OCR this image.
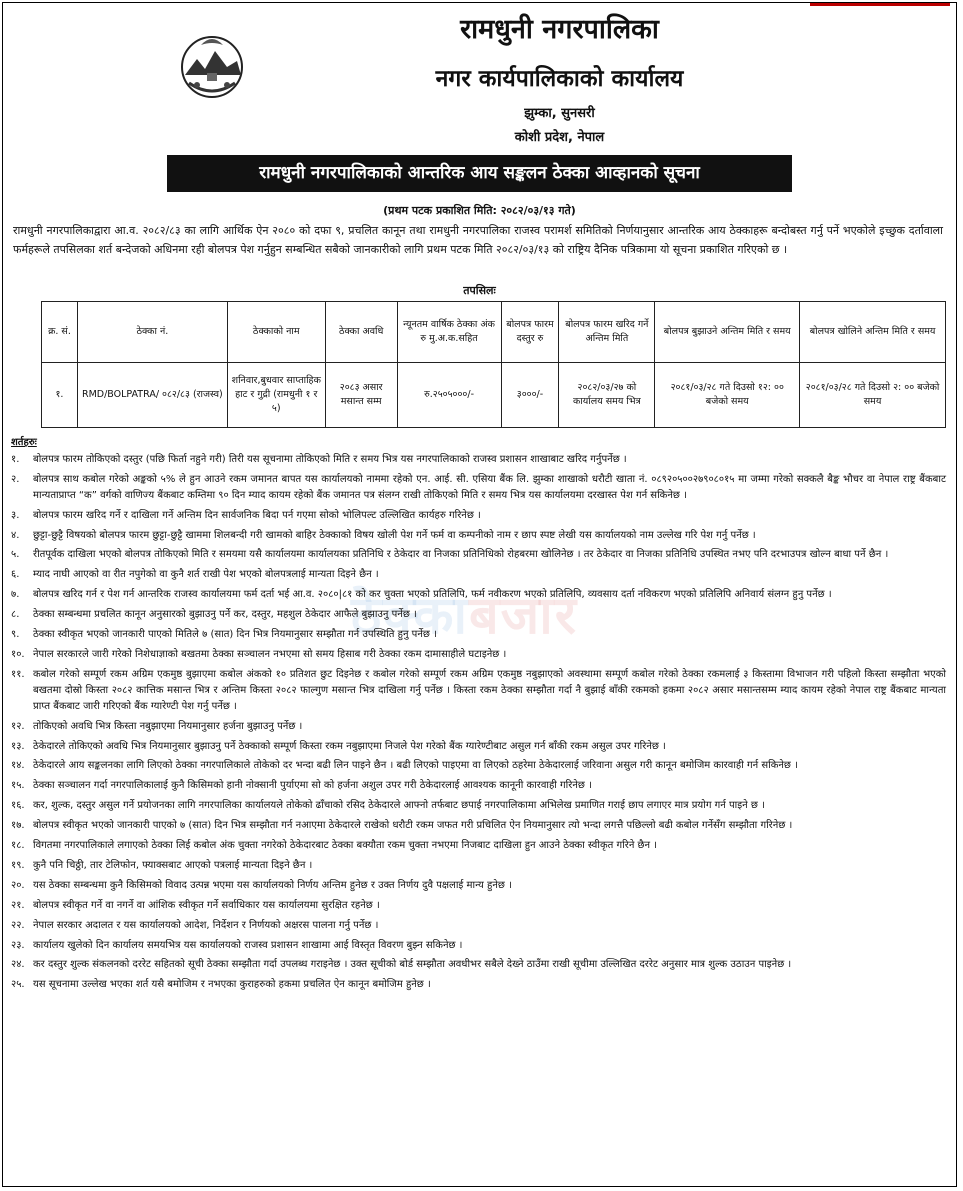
रामधुनी नगरपालिका
नगर कार्यपालिकाको कार्यालय
झुम्का, सुनसरी
कोशी प्रदेश, नेपाल
रामधुनी नगरपालिकाको आन्तरिक आय सङ्कलन ठेक्का आव्हानको सूचना
(प्रथम पटक प्रकाशित मिति: २०८२/०३/१३ गते)
रामधुनी नगरपालिकाद्वारा आ.व. २०८२/८३ का लागि आर्थिक ऐन २०८० को दफा ९, प्रचलित कानून तथा रामधुनी नगरपालिका राजस्व परामर्श समितिको निर्णयानुसार आन्तरिक आय ठेक्काहरू बन्दोबस्त गर्नु पर्ने भएकोले इच्छुक दर्तावाला फर्महरूले तपसिलका शर्त बन्देजको अधिनमा रही बोलपत्र पेश गर्नुहुन सम्बन्धित सबैको जानकारीको लागि प्रथम पटक मिति २०८२/०३/१३ को राष्ट्रिय दैनिक पत्रिकामा यो सूचना प्रकाशित गरिएको छ ।
तपसिलः
क्र. सं.	ठेक्का नं.	ठेक्काको नाम	ठेक्का अवधि	न्यूनतम वार्षिक ठेक्का अंक रु मु.अ.क.सहित	बोलपत्र फारम दस्तुर रु	बोलपत्र फारम खरिद गर्ने अन्तिम मिति	बोलपत्र बुझाउने अन्तिम मिति र समय	बोलपत्र खोलिने अन्तिम मिति र समय
१.	RMD/BOLPATRA/ ०८२/८३ (राजस्व)	शनिवार,बुधवार साप्ताहिक हाट र गुद्री (रामधुनी १ र ५)	२०८३ असार मसान्त सम्म	रु.२५०५०००/-	३०००/-	२०८२/०३/२७ को कार्यालय समय भित्र	२०८१/०३/२८ गते दिउसो १२: ०० बजेको समय	२०८१/०३/२८ गते दिउसो २: ०० बजेको समय
ठेक्काबजार
शर्तहरुः
१.	बोलपत्र फारम तोकिएको दस्तुर (पछि फिर्ता नहुने गरी) तिरी यस सूचनामा तोकिएको मिति र समय भित्र यस नगरपालिकाको राजस्व प्रशासन शाखाबाट खरिद गर्नुपर्नेछ ।
२.	बोलपत्र साथ कबोल गरेको अङ्कको ५% ले हुन आउने रकम जमानत बापत यस कार्यालयको नाममा रहेको एन. आई. सी. एसिया बैंक लि. झुम्का शाखाको धरौटी खाता नं. ०८९२०५००२७९०८०१५ मा जम्मा गरेको सक्कलै बैङ्क भौचर वा नेपाल राष्ट्र बैंकबाट मान्यताप्राप्त “क” वर्गको वाणिज्य बैंकबाट कम्तिमा ९० दिन म्याद कायम रहेको बैंक जमानत पत्र संलग्न राखी तोकिएको मिति र समय भित्र यस कार्यालयमा दरखास्त पेश गर्न सकिनेछ ।
३.	बोलपत्र फारम खरिद गर्ने र दाखिला गर्ने अन्तिम दिन सार्वजनिक बिदा पर्न गएमा सोको भोलिपल्ट उल्लिखित कार्यहरु गरिनेछ ।
४.	छुट्टा-छुट्टै विषयको बोलपत्र फारम छुट्टा-छुट्टै खाममा शिलबन्दी गरी खामको बाहिर ठेक्काको विषय खोली पेश गर्ने फर्म वा कम्पनीको नाम र छाप स्पष्ट लेखी यस कार्यालयको नाम उल्लेख गरि पेश गर्नु पर्नेछ ।
५.	रीतपूर्वक दाखिला भएको बोलपत्र तोकिएको मिति र समयमा यसै कार्यालयमा कार्यालयका प्रतिनिधि र ठेकेदार वा निजका प्रतिनिधिको रोहबरमा खोलिनेछ । तर ठेकेदार वा निजका प्रतिनिधि उपस्थित नभए पनि दरभाउपत्र खोल्न बाधा पर्ने छैन ।
६.	म्याद नाघी आएको वा रीत नपुगेको वा कुनै शर्त राखी पेश भएको बोलपत्रलाई मान्यता दिइने छैन ।
७.	बोलपत्र खरिद गर्न र पेश गर्न आन्तरिक राजस्व कार्यालयमा फर्म दर्ता भई आ.व. २०८०|८१ को कर चुक्ता भएको प्रतिलिपि, फर्म नवीकरण भएको प्रतिलिपि, व्यवसाय दर्ता नविकरण भएको प्रतिलिपि अनिवार्य संलग्न हुनु पर्नेछ ।
८.	ठेक्का सम्बन्धमा प्रचलित कानून अनुसारको बुझाउनु पर्ने कर, दस्तुर, महशुल ठेकेदार आफैले बुझाउनु पर्नेछ ।
९.	ठेक्का स्वीकृत भएको जानकारी पाएको मितिले ७ (सात) दिन भित्र नियमानुसार सम्झौता गर्न उपस्थिति हुनु पर्नेछ ।
१०. नेपाल सरकारले जारी गरेको निशेधाज्ञाको बखतमा ठेक्का सञ्चालन नभएमा सो समय हिसाब गरी ठेक्का रकम दामासाहीले घटाइनेछ ।
११. कबोल गरेको सम्पूर्ण रकम अग्रिम एकमुष्ठ बुझाएमा कबोल अंकको १० प्रतिशत छुट दिइनेछ र कबोल गरेको सम्पूर्ण रकम अग्रिम एकमुष्ठ नबुझाएको अवस्थामा सम्पूर्ण कबोल गरेको ठेक्का रकमलाई ३ किस्तामा विभाजन गरी पहिलो किस्ता सम्झौता भएको बखतमा दोस्रो किस्ता २०८२ कात्तिक मसान्त भित्र र अन्तिम किस्ता २०८२ फाल्गुण मसान्त भित्र दाखिला गर्नु पर्नेछ । किस्ता रकम ठेक्का सम्झौता गर्दा नै बुझाई बाँकी रकमको हकमा २०८२ असार मसान्तसम्म म्याद कायम रहेको नेपाल राष्ट्र बैंकबाट मान्यता प्राप्त बैंकबाट जारी गरिएको बैंक ग्यारेण्टी पेश गर्नु पर्नेछ ।
१२. तोकिएको अवधि भित्र किस्ता नबुझाएमा नियमानुसार हर्जना बुझाउनु पर्नेछ ।
१३. ठेकेदारले तोकिएको अवधि भित्र नियमानुसार बुझाउनु पर्ने ठेक्काको सम्पूर्ण किस्ता रकम नबुझाएमा निजले पेश गरेको बैंक ग्यारेण्टीबाट असुल गर्न बाँकी रकम असुल उपर गरिनेछ ।
१४. ठेकेदारले आय सङ्कलनका लागि लिएको ठेक्का नगरपालिकाले तोकेको दर भन्दा बढी लिन पाइने छैन । बढी लिएको पाइएमा वा लिएको ठहरेमा ठेकेदारलाई जरिवाना असुल गरी कानून बमोजिम कारवाही गर्न सकिनेछ ।
१५. ठेक्का सञ्चालन गर्दा नगरपालिकालाई कुनै किसिमको हानी नोक्सानी पुर्याएमा सो को हर्जना अशुल उपर गरी ठेकेदारलाई आवश्यक कानूनी कारवाही गरिनेछ ।
१६. कर, शुल्क, दस्तुर असुल गर्ने प्रयोजनका लागि नगरपालिका कार्यालयले तोकेको ढाँचाको रसिद ठेकेदारले आफ्नो तर्फबाट छपाई नगरपालिकामा अभिलेख प्रमाणित गराई छाप लगाएर मात्र प्रयोग गर्न पाइने छ ।
१७. बोलपत्र स्वीकृत भएको जानकारी पाएको ७ (सात) दिन भित्र सम्झौता गर्न नआएमा ठेकेदारले राखेको धरौटी रकम जफत गरी प्रचिलित ऐन नियमानुसार त्यो भन्दा लगत्तै पछिल्लो बढी कबोल गर्नेसँग सम्झौता गरिनेछ ।
१८. विगतमा नगरपालिकाले लगाएको ठेक्का लिई कबोल अंक चुक्ता नगरेको ठेकेदारबाट ठेक्का बक्यौता रकम चुक्ता नभएमा निजबाट दाखिला हुन आउने ठेक्का स्वीकृत गरिने छैन ।
१९. कुनै पनि चिठ्ठी, तार टेलिफोन, फ्याक्सबाट आएको पत्रलाई मान्यता दिइने छैन ।
२०. यस ठेक्का सम्बन्धमा कुनै किसिमको विवाद उत्पन्न भएमा यस कार्यालयको निर्णय अन्तिम हुनेछ र उक्त निर्णय दुवै पक्षलाई मान्य हुनेछ ।
२१. बोलपत्र स्वीकृत गर्ने वा नगर्ने वा आंशिक स्वीकृत गर्ने सर्वाधिकार यस कार्यालयमा सुरक्षित रहनेछ ।
२२. नेपाल सरकार अदालत र यस कार्यालयको आदेश, निर्देशन र निर्णयको अक्षरस पालना गर्नु पर्नेछ ।
२३. कार्यालय खुलेको दिन कार्यालय समयभित्र यस कार्यालयको राजस्व प्रशासन शाखामा आई विस्तृत विवरण बुझ्न सकिनेछ ।
२४. कर दस्तुर शुल्क संकलनको दररेट सहितको सूची ठेक्का सम्झौता गर्दा उपलब्ध गराइनेछ । उक्त सूचीको बोर्ड सम्झौता अवधीभर सबैले देख्ने ठाउँमा राखी सूचीमा उल्लिखित दररेट अनुसार मात्र शुल्क उठाउन पाइनेछ ।
२५. यस सूचनामा उल्लेख भएका शर्त यसै बमोजिम र नभएका कुराहरुको हकमा प्रचलित ऐन कानून बमोजिम हुनेछ ।
